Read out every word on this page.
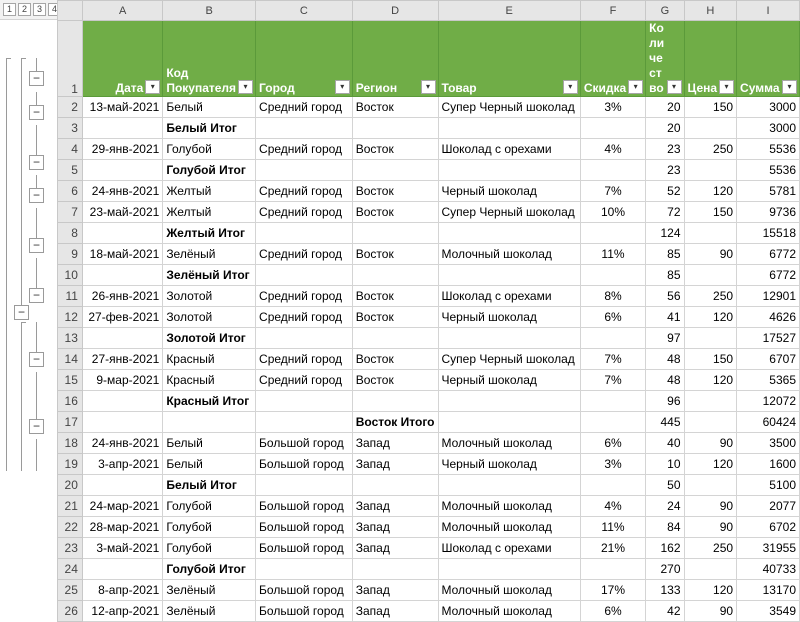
1	2	3	4
−
−
−
−
−
−
−
−
−
	A	B	C	D	E	F	G	H	I
1	Дата ▾	Код Покупателя ▾	Город ▾	Регион ▾	Товар ▾	Скидка ▾	Количество ▾	Цена ▾	Сумма ▾

2	13-май-2021	Белый	Средний город	Восток	Супер Черный шоколад	3%	20	150	3000
3		Белый Итог					20		3000
4	29-янв-2021	Голубой	Средний город	Восток	Шоколад с орехами	4%	23	250	5536
5		Голубой Итог					23		5536
6	24-янв-2021	Желтый	Средний город	Восток	Черный шоколад	7%	52	120	5781
7	23-май-2021	Желтый	Средний город	Восток	Супер Черный шоколад	10%	72	150	9736
8		Желтый Итог					124		15518
9	18-май-2021	Зелёный	Средний город	Восток	Молочный шоколад	11%	85	90	6772
10		Зелёный Итог					85		6772
11	26-янв-2021	Золотой	Средний город	Восток	Шоколад с орехами	8%	56	250	12901
12	27-фев-2021	Золотой	Средний город	Восток	Черный шоколад	6%	41	120	4626
13		Золотой Итог					97		17527
14	27-янв-2021	Красный	Средний город	Восток	Супер Черный шоколад	7%	48	150	6707
15	9-мар-2021	Красный	Средний город	Восток	Черный шоколад	7%	48	120	5365
16		Красный Итог					96		12072
17				Восток Итого			445		60424
18	24-янв-2021	Белый	Большой город	Запад	Молочный шоколад	6%	40	90	3500
19	3-апр-2021	Белый	Большой город	Запад	Черный шоколад	3%	10	120	1600
20		Белый Итог					50		5100
21	24-мар-2021	Голубой	Большой город	Запад	Молочный шоколад	4%	24	90	2077
22	28-мар-2021	Голубой	Большой город	Запад	Молочный шоколад	11%	84	90	6702
23	3-май-2021	Голубой	Большой город	Запад	Шоколад с орехами	21%	162	250	31955
24		Голубой Итог					270		40733
25	8-апр-2021	Зелёный	Большой город	Запад	Молочный шоколад	17%	133	120	13170
26	12-апр-2021	Зелёный	Большой город	Запад	Молочный шоколад	6%	42	90	3549
